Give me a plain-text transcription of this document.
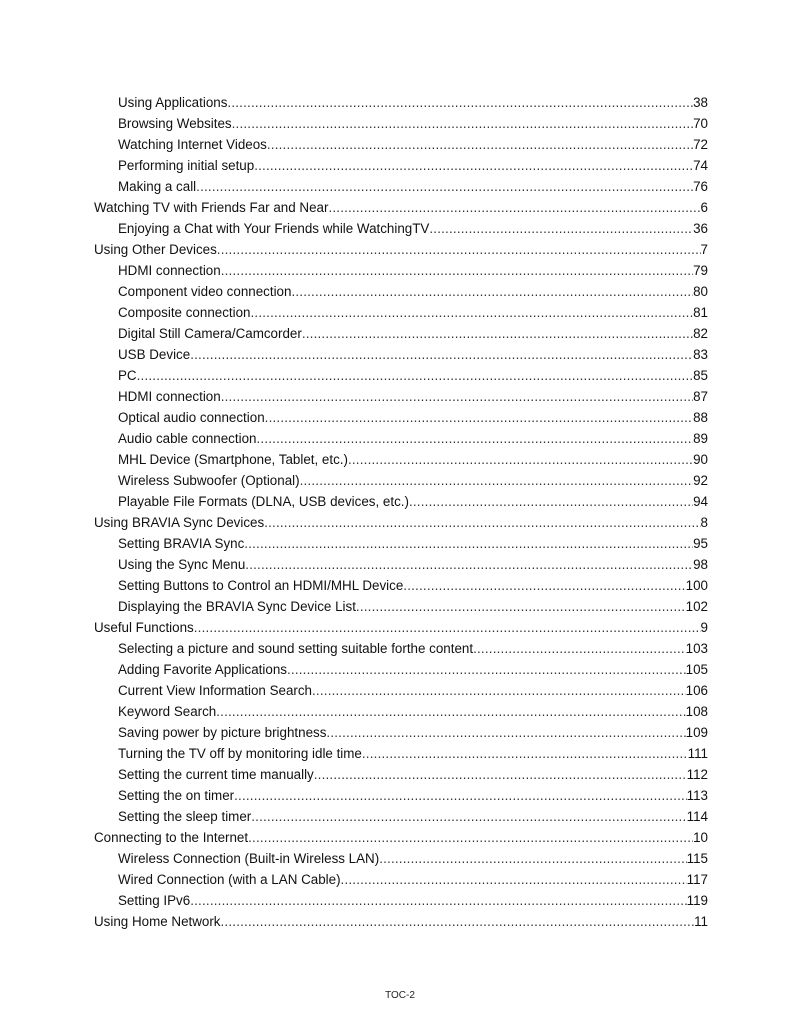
Using Applications .....	38
Browsing Websites .....	70
Watching Internet Videos .....	72
Performing initial setup .....	74
Making a call .....	76
Watching TV with Friends Far and Near .....	6
Enjoying a Chat with Your Friends while WatchingTV .....	36
Using Other Devices .....	7
HDMI connection .....	79
Component video connection .....	80
Composite connection .....	81
Digital Still Camera/Camcorder .....	82
USB Device .....	83
PC .....	85
HDMI connection .....	87
Optical audio connection .....	88
Audio cable connection .....	89
MHL Device (Smartphone, Tablet, etc.) .....	90
Wireless Subwoofer (Optional) .....	92
Playable File Formats (DLNA, USB devices, etc.) .....	94
Using BRAVIA Sync Devices .....	8
Setting BRAVIA Sync .....	95
Using the Sync Menu .....	98
Setting Buttons to Control an HDMI/MHL Device .....	100
Displaying the BRAVIA Sync Device List .....	102
Useful Functions .....	9
Selecting a picture and sound setting suitable forthe content .....	103
Adding Favorite Applications .....	105
Current View Information Search .....	106
Keyword Search .....	108
Saving power by picture brightness .....	109
Turning the TV off by monitoring idle time .....	111
Setting the current time manually .....	112
Setting the on timer .....	113
Setting the sleep timer .....	114
Connecting to the Internet .....	10
Wireless Connection (Built-in Wireless LAN) .....	115
Wired Connection (with a LAN Cable) .....	117
Setting IPv6 .....	119
Using Home Network .....	11
TOC-2
